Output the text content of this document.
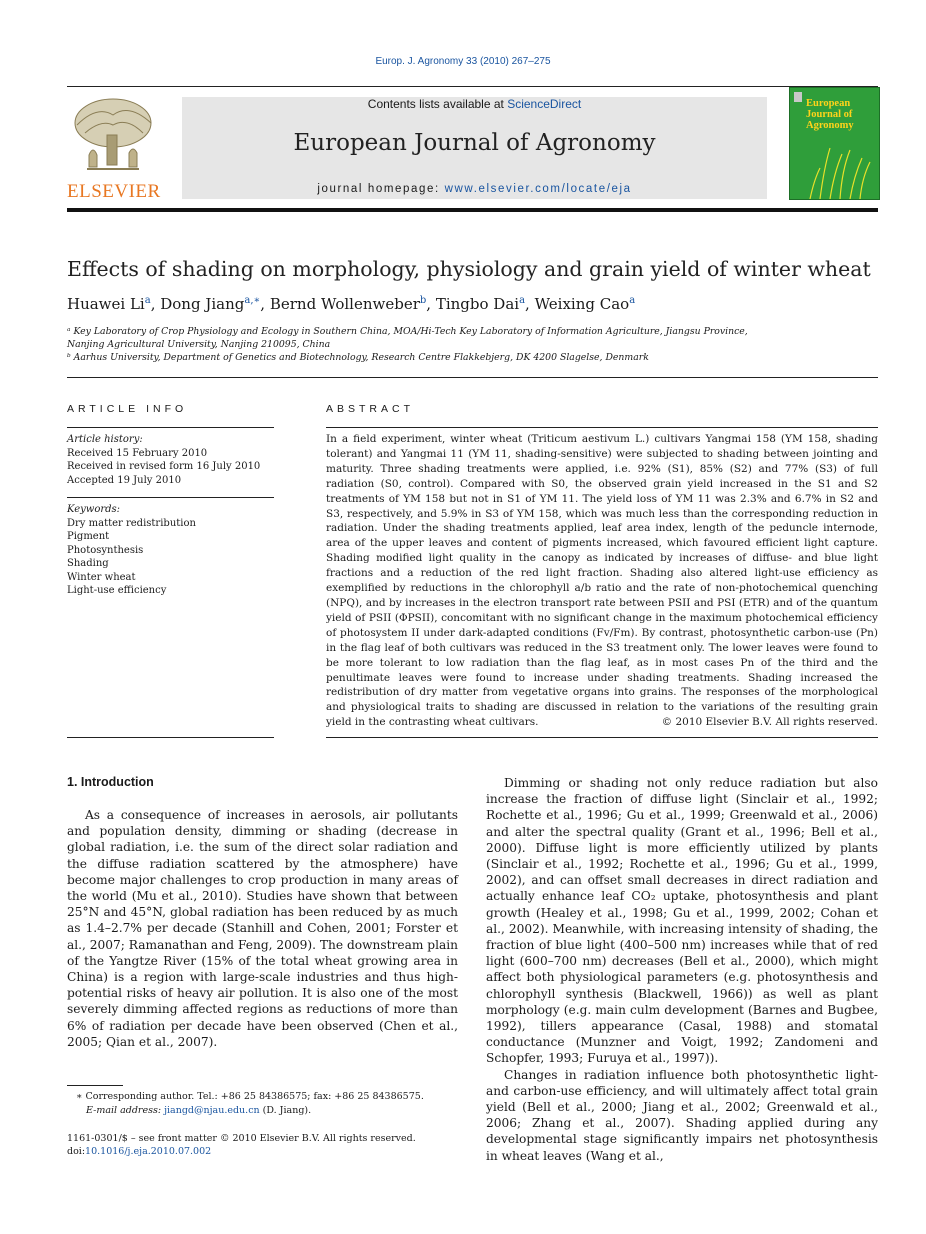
Europ. J. Agronomy 33 (2010) 267–275
ELSEVIER
Contents lists available at ScienceDirect
European Journal of Agronomy
journal homepage: www.elsevier.com/locate/eja
European Journal of Agronomy
Effects of shading on morphology, physiology and grain yield of winter wheat
Huawei Li$^a$, Dong Jiang$^{a,∗}$, Bernd Wollenweber$^b$, Tingbo Dai$^a$, Weixing Cao$^a$
ᵃ Key Laboratory of Crop Physiology and Ecology in Southern China, MOA/Hi-Tech Key Laboratory of Information Agriculture, Jiangsu Province,
Nanjing Agricultural University, Nanjing 210095, China
ᵇ Aarhus University, Department of Genetics and Biotechnology, Research Centre Flakkebjerg, DK 4200 Slagelse, Denmark
ARTICLE INFO
Article history:
Received 15 February 2010
Received in revised form 16 July 2010
Accepted 19 July 2010
Keywords:
Dry matter redistribution
Pigment
Photosynthesis
Shading
Winter wheat
Light-use efficiency
ABSTRACT
In a field experiment, winter wheat (Triticum aestivum L.) cultivars Yangmai 158 (YM 158, shading tolerant) and Yangmai 11 (YM 11, shading-sensitive) were subjected to shading between jointing and maturity. Three shading treatments were applied, i.e. 92% (S1), 85% (S2) and 77% (S3) of full radiation (S0, control). Compared with S0, the observed grain yield increased in the S1 and S2 treatments of YM 158 but not in S1 of YM 11. The yield loss of YM 11 was 2.3% and 6.7% in S2 and S3, respectively, and 5.9% in S3 of YM 158, which was much less than the corresponding reduction in radiation. Under the shading treatments applied, leaf area index, length of the peduncle internode, area of the upper leaves and content of pigments increased, which favoured efficient light capture. Shading modified light quality in the canopy as indicated by increases of diffuse- and blue light fractions and a reduction of the red light fraction. Shading also altered light-use efficiency as exemplified by reductions in the chlorophyll a/b ratio and the rate of non-photochemical quenching (NPQ), and by increases in the electron transport rate between PSII and PSI (ETR) and of the quantum yield of PSII (ΦPSII), concomitant with no significant change in the maximum photochemical efficiency of photosystem II under dark-adapted conditions (Fv/Fm). By contrast, photosynthetic carbon-use (Pn) in the flag leaf of both cultivars was reduced in the S3 treatment only. The lower leaves were found to be more tolerant to low radiation than the flag leaf, as in most cases Pn of the third and the penultimate leaves were found to increase under shading treatments. Shading increased the redistribution of dry matter from vegetative organs into grains. The responses of the morphological and physiological traits to shading are discussed in relation to the variations of the resulting grain yield in the contrasting wheat cultivars.	© 2010 Elsevier B.V. All rights reserved.
1. Introduction

As a consequence of increases in aerosols, air pollutants and population density, dimming or shading (decrease in global radiation, i.e. the sum of the direct solar radiation and the diffuse radiation scattered by the atmosphere) have become major challenges to crop production in many areas of the world (Mu et al., 2010). Studies have shown that between 25°N and 45°N, global radiation has been reduced by as much as 1.4–2.7% per decade (Stanhill and Cohen, 2001; Forster et al., 2007; Ramanathan and Feng, 2009). The downstream plain of the Yangtze River (15% of the total wheat growing area in China) is a region with large-scale industries and thus high-potential risks of heavy air pollution. It is also one of the most severely dimming affected regions as reductions of more than 6% of radiation per decade have been observed (Chen et al., 2005; Qian et al., 2007).

Dimming or shading not only reduce radiation but also increase the fraction of diffuse light (Sinclair et al., 1992; Rochette et al., 1996; Gu et al., 1999; Greenwald et al., 2006) and alter the spectral quality (Grant et al., 1996; Bell et al., 2000). Diffuse light is more efficiently utilized by plants (Sinclair et al., 1992; Rochette et al., 1996; Gu et al., 1999, 2002), and can offset small decreases in direct radiation and actually enhance leaf CO₂ uptake, photosynthesis and plant growth (Healey et al., 1998; Gu et al., 1999, 2002; Cohan et al., 2002). Meanwhile, with increasing intensity of shading, the fraction of blue light (400–500 nm) increases while that of red light (600–700 nm) decreases (Bell et al., 2000), which might affect both physiological parameters (e.g. photosynthesis and chlorophyll synthesis (Blackwell, 1966)) as well as plant morphology (e.g. main culm development (Barnes and Bugbee, 1992), tillers appearance (Casal, 1988) and stomatal conductance (Munzner and Voigt, 1992; Zandomeni and Schopfer, 1993; Furuya et al., 1997)).

Changes in radiation influence both photosynthetic light- and carbon-use efficiency, and will ultimately affect total grain yield (Bell et al., 2000; Jiang et al., 2002; Greenwald et al., 2006; Zhang et al., 2007). Shading applied during any developmental stage significantly impairs net photosynthesis in wheat leaves (Wang et al.,

∗ Corresponding author. Tel.: +86 25 84386575; fax: +86 25 84386575.
E-mail address: jiangd@njau.edu.cn (D. Jiang).
1161-0301/$ – see front matter © 2010 Elsevier B.V. All rights reserved.
doi:10.1016/j.eja.2010.07.002
